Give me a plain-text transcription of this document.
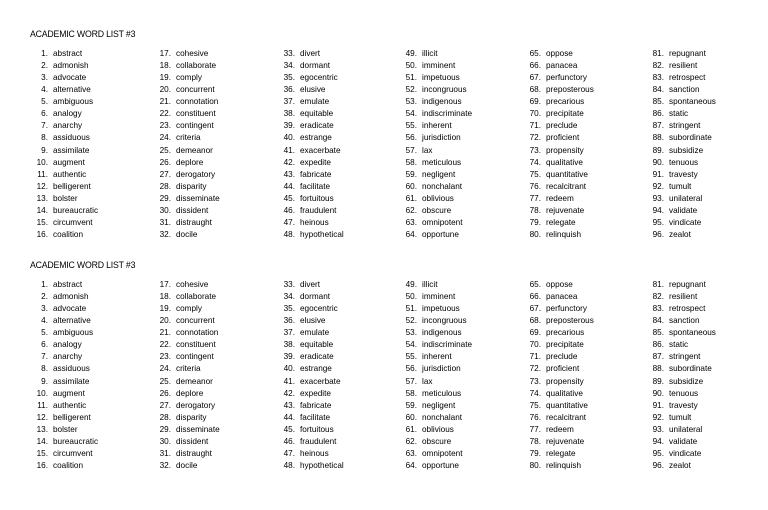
ACADEMIC WORD LIST #3
1. abstract
2. admonish
3. advocate
4. alternative
5. ambiguous
6. analogy
7. anarchy
8. assiduous
9. assimilate
10. augment
11. authentic
12. belligerent
13. bolster
14. bureaucratic
15. circumvent
16. coalition
17. cohesive
18. collaborate
19. comply
20. concurrent
21. connotation
22. constituent
23. contingent
24. criteria
25. demeanor
26. deplore
27. derogatory
28. disparity
29. disseminate
30. dissident
31. distraught
32. docile
33. divert
34. dormant
35. egocentric
36. elusive
37. emulate
38. equitable
39. eradicate
40. estrange
41. exacerbate
42. expedite
43. fabricate
44. facilitate
45. fortuitous
46. fraudulent
47. heinous
48. hypothetical
49. illicit
50. imminent
51. impetuous
52. incongruous
53. indigenous
54. indiscriminate
55. inherent
56. jurisdiction
57. lax
58. meticulous
59. negligent
60. nonchalant
61. oblivious
62. obscure
63. omnipotent
64. opportune
65. oppose
66. panacea
67. perfunctory
68. preposterous
69. precarious
70. precipitate
71. preclude
72. proficient
73. propensity
74. qualitative
75. quantitative
76. recalcitrant
77. redeem
78. rejuvenate
79. relegate
80. relinquish
81. repugnant
82. resilient
83. retrospect
84. sanction
85. spontaneous
86. static
87. stringent
88. subordinate
89. subsidize
90. tenuous
91. travesty
92. tumult
93. unilateral
94. validate
95. vindicate
96. zealot
ACADEMIC WORD LIST #3
1. abstract
2. admonish
3. advocate
4. alternative
5. ambiguous
6. analogy
7. anarchy
8. assiduous
9. assimilate
10. augment
11. authentic
12. belligerent
13. bolster
14. bureaucratic
15. circumvent
16. coalition
17. cohesive
18. collaborate
19. comply
20. concurrent
21. connotation
22. constituent
23. contingent
24. criteria
25. demeanor
26. deplore
27. derogatory
28. disparity
29. disseminate
30. dissident
31. distraught
32. docile
33. divert
34. dormant
35. egocentric
36. elusive
37. emulate
38. equitable
39. eradicate
40. estrange
41. exacerbate
42. expedite
43. fabricate
44. facilitate
45. fortuitous
46. fraudulent
47. heinous
48. hypothetical
49. illicit
50. imminent
51. impetuous
52. incongruous
53. indigenous
54. indiscriminate
55. inherent
56. jurisdiction
57. lax
58. meticulous
59. negligent
60. nonchalant
61. oblivious
62. obscure
63. omnipotent
64. opportune
65. oppose
66. panacea
67. perfunctory
68. preposterous
69. precarious
70. precipitate
71. preclude
72. proficient
73. propensity
74. qualitative
75. quantitative
76. recalcitrant
77. redeem
78. rejuvenate
79. relegate
80. relinquish
81. repugnant
82. resilient
83. retrospect
84. sanction
85. spontaneous
86. static
87. stringent
88. subordinate
89. subsidize
90. tenuous
91. travesty
92. tumult
93. unilateral
94. validate
95. vindicate
96. zealot
